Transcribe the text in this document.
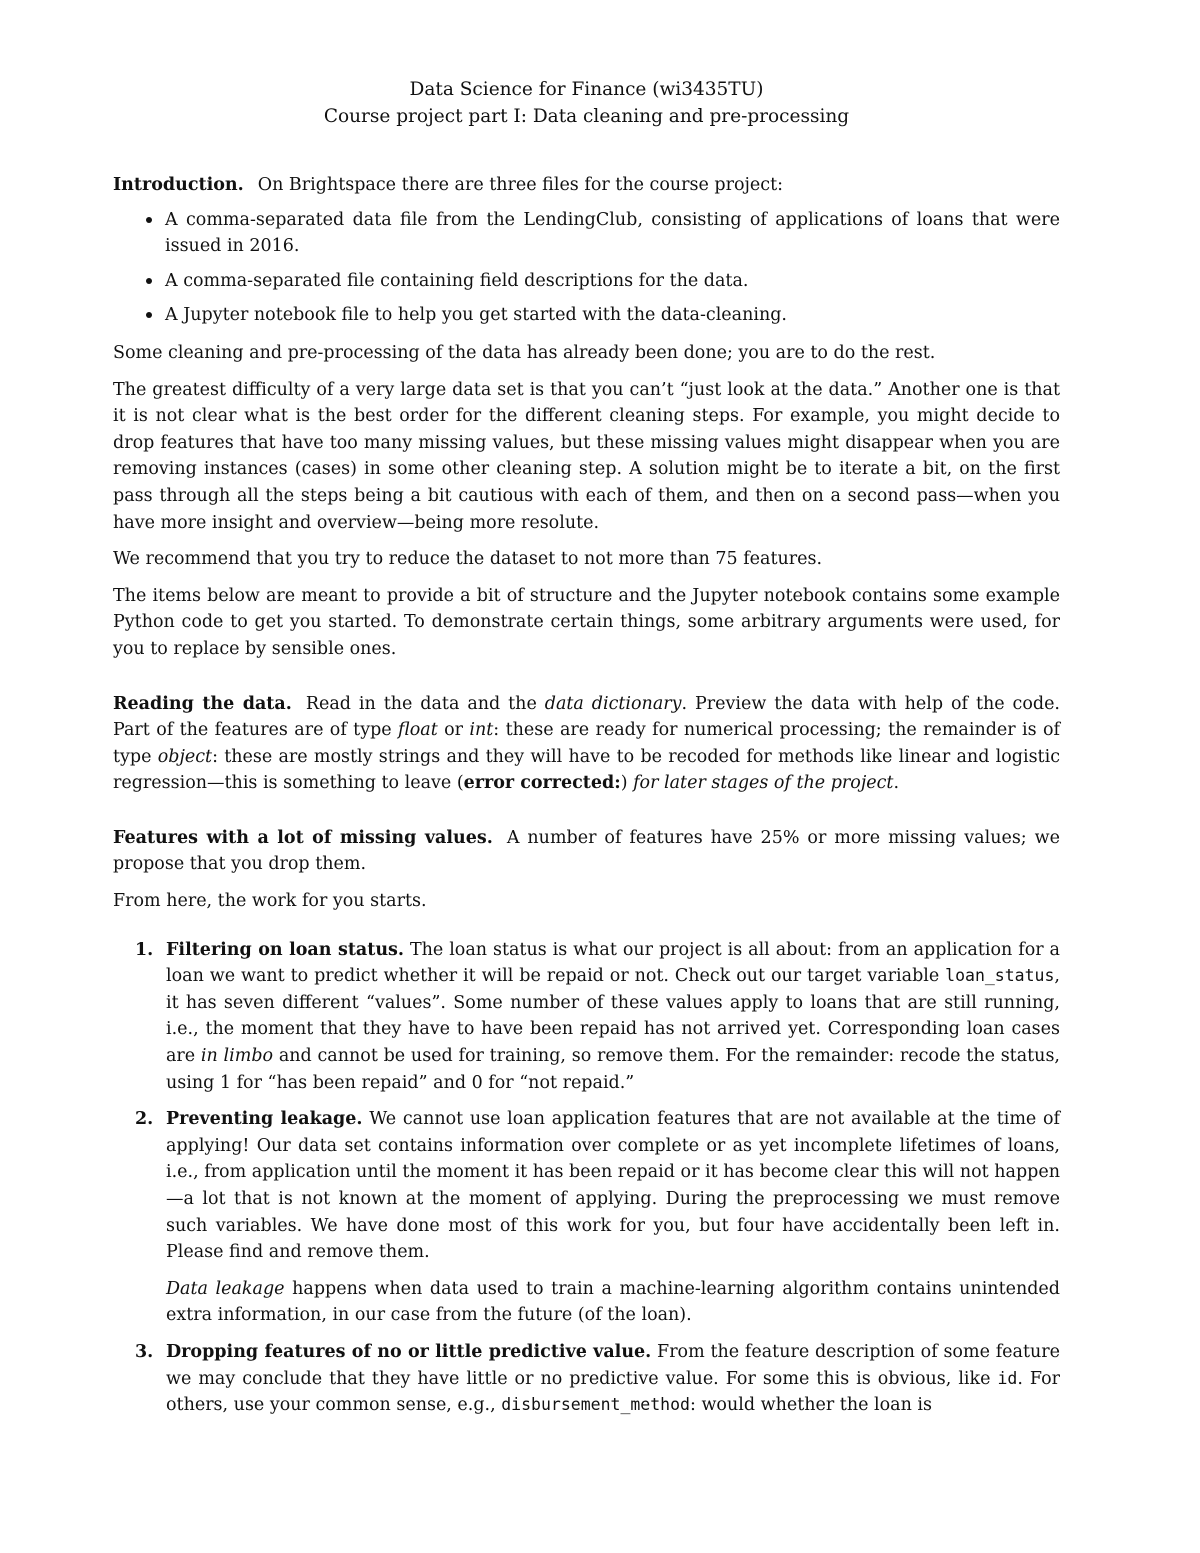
Data Science for Finance (wi3435TU)
Course project part I: Data cleaning and pre-processing

Introduction. On Brightspace there are three files for the course project:

A comma-separated data file from the LendingClub, consisting of applications of loans that were issued in 2016.
A comma-separated file containing field descriptions for the data.
A Jupyter notebook file to help you get started with the data-cleaning.

Some cleaning and pre-processing of the data has already been done; you are to do the rest.

The greatest difficulty of a very large data set is that you can’t “just look at the data.” Another one is that it is not clear what is the best order for the different cleaning steps. For example, you might decide to drop features that have too many missing values, but these missing values might disappear when you are removing instances (cases) in some other cleaning step. A solution might be to iterate a bit, on the first pass through all the steps being a bit cautious with each of them, and then on a second pass—when you have more insight and overview—being more resolute.

We recommend that you try to reduce the dataset to not more than 75 features.

The items below are meant to provide a bit of structure and the Jupyter notebook contains some example Python code to get you started. To demonstrate certain things, some arbitrary arguments were used, for you to replace by sensible ones.

Reading the data. Read in the data and the data dictionary. Preview the data with help of the code. Part of the features are of type float or int: these are ready for numerical processing; the remainder is of type object: these are mostly strings and they will have to be recoded for methods like linear and logistic regression—this is something to leave (error corrected:) for later stages of the project.

Features with a lot of missing values. A number of features have 25% or more missing values; we propose that you drop them.

From here, the work for you starts.

1. Filtering on loan status. The loan status is what our project is all about: from an application for a loan we want to predict whether it will be repaid or not. Check out our target variable loan_status, it has seven different “values”. Some number of these values apply to loans that are still running, i.e., the moment that they have to have been repaid has not arrived yet. Corresponding loan cases are in limbo and cannot be used for training, so remove them. For the remainder: recode the status, using 1 for “has been repaid” and 0 for “not repaid.”

2. Preventing leakage. We cannot use loan application features that are not available at the time of applying! Our data set contains information over complete or as yet incomplete lifetimes of loans, i.e., from application until the moment it has been repaid or it has become clear this will not happen—a lot that is not known at the moment of applying. During the preprocessing we must remove such variables. We have done most of this work for you, but four have accidentally been left in. Please find and remove them.

Data leakage happens when data used to train a machine-learning algorithm contains unintended extra information, in our case from the future (of the loan).

3. Dropping features of no or little predictive value. From the feature description of some feature we may conclude that they have little or no predictive value. For some this is obvious, like id. For others, use your common sense, e.g., disbursement_method: would whether the loan is
